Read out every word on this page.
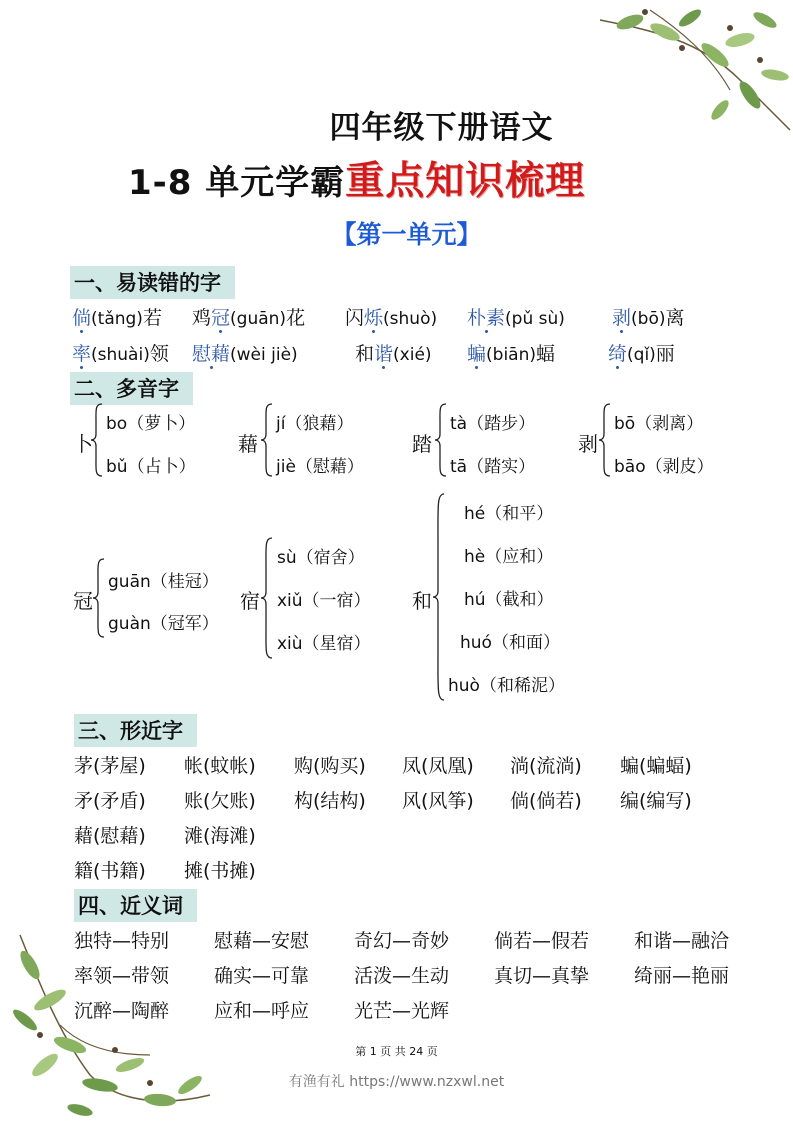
四年级下册语文
1-8 单元学霸重点知识梳理
【第一单元】
一、易读错的字
倘(tǎng)若 鸡冠(guān)花 闪烁(shuò) 朴素(pǔ sù) 剥(bō)离
率(shuài)领 慰藉(wèi jiè)	和谐(xié) 蝙(biān)蝠	绮(qǐ)丽
二、多音字
卜
bo（萝卜）
bǔ（占卜）
藉
jí（狼藉）
jiè（慰藉）
踏
tà（踏步）
tā（踏实）
剥
bō（剥离）
bāo（剥皮）
冠
guān（桂冠）
guàn（冠军）
宿
sù（宿舍）
xiǔ（一宿）
xiù（星宿）
和
hé（和平）
hè（应和）
hú（截和）
huó（和面）
huò（和稀泥）
三、形近字
茅(茅屋) 帐(蚊帐) 购(购买) 凤(凤凰) 淌(流淌) 蝙(蝙蝠)
矛(矛盾) 账(欠账) 构(结构) 风(风筝) 倘(倘若) 编(编写)
藉(慰藉) 滩(海滩)
籍(书籍) 摊(书摊)
四、近义词
独特—特别 慰藉—安慰 奇幻—奇妙 倘若—假若 和谐—融洽
率领—带领 确实—可靠 活泼—生动 真切—真挚 绮丽—艳丽
沉醉—陶醉 应和—呼应 光芒—光辉
第 1 页 共 24 页
有渔有礼 https://www.nzxwl.net
